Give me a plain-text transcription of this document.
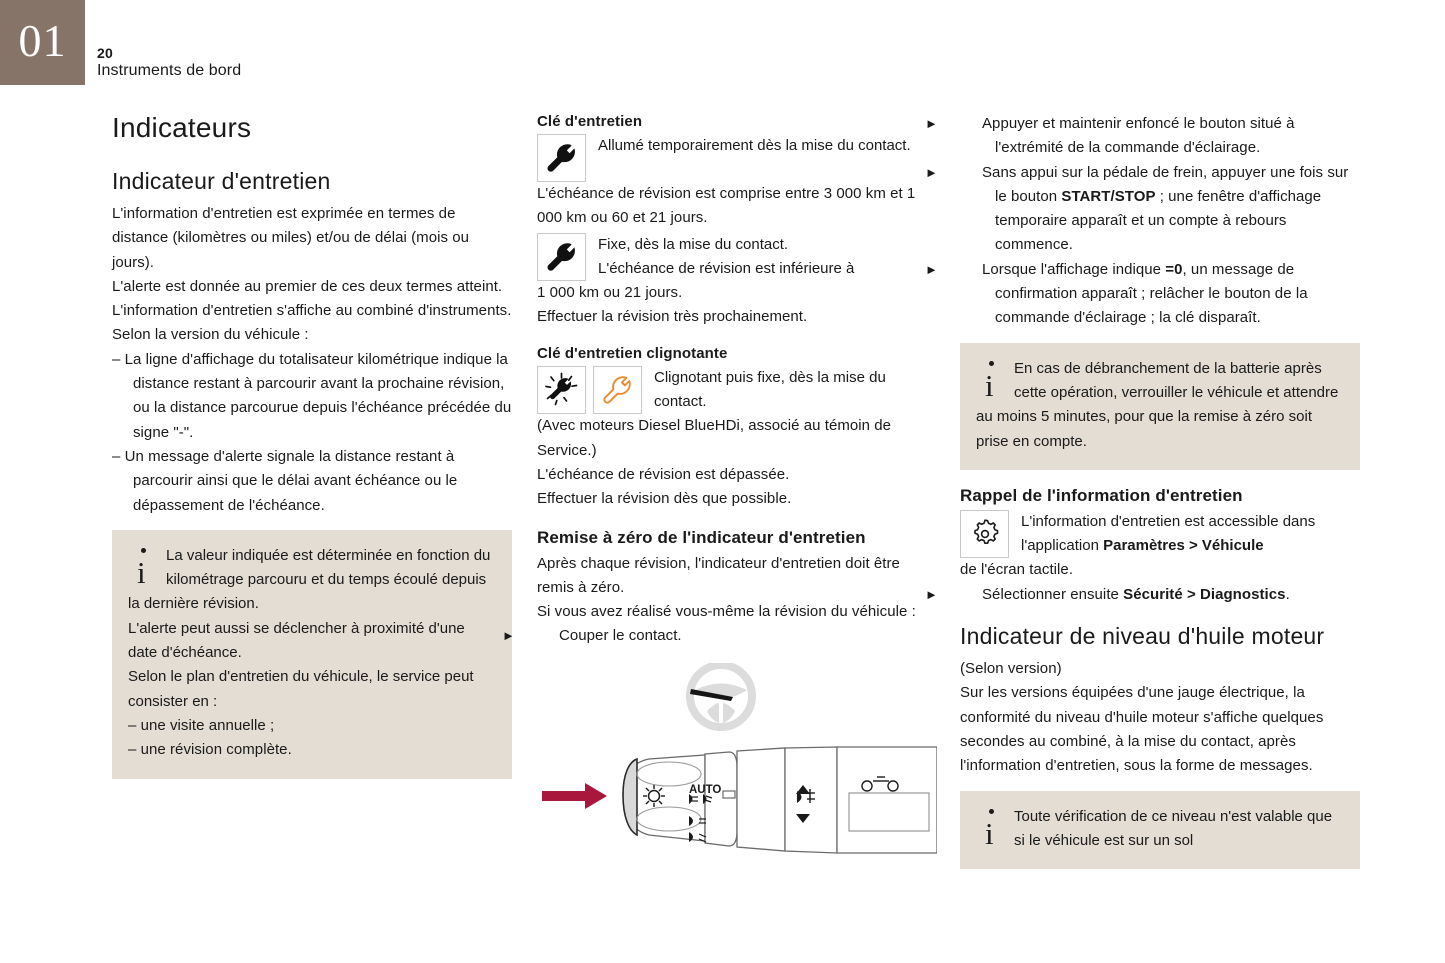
01 20
Instruments de bord
Indicateurs
Indicateur d'entretien

L'information d'entretien est exprimée en termes de distance (kilomètres ou miles) et/ou de délai (mois ou jours).

L'alerte est donnée au premier de ces deux termes atteint.

L'information d'entretien s'affiche au combiné d'instruments. Selon la version du véhicule :

– La ligne d'affichage du totalisateur kilométrique indique la distance restant à parcourir avant la prochaine révision, ou la distance parcourue depuis l'échéance précédée du signe "-".

– Un message d'alerte signale la distance restant à parcourir ainsi que le délai avant échéance ou le dépassement de l'échéance.

i	La valeur indiquée est déterminée en fonction du kilométrage parcouru et du temps écoulé depuis la dernière révision.

L'alerte peut aussi se déclencher à proximité d'une date d'échéance.

Selon le plan d'entretien du véhicule, le service peut consister en :

– une visite annuelle ;

– une révision complète.

Clé d'entretien
Allumé temporairement dès la mise du contact.

L'échéance de révision est comprise entre 3 000 km et 1 000 km ou 60 et 21 jours.

Fixe, dès la mise du contact.
L'échéance de révision est inférieure à

1 000 km ou 21 jours.

Effectuer la révision très prochainement.

Clé d'entretien clignotante
Clignotant puis fixe, dès la mise du contact.

(Avec moteurs Diesel BlueHDi, associé au témoin de Service.)

L'échéance de révision est dépassée.

Effectuer la révision dès que possible.

Remise à zéro de l'indicateur d'entretien

Après chaque révision, l'indicateur d'entretien doit être remis à zéro.

Si vous avez réalisé vous-même la révision du véhicule :

►	Couper le contact.

AUTO

►	Appuyer et maintenir enfoncé le bouton situé à l'extrémité de la commande d'éclairage.

►	Sans appui sur la pédale de frein, appuyer une fois sur le bouton START/STOP ; une fenêtre d'affichage temporaire apparaît et un compte à rebours commence.

►	Lorsque l'affichage indique =0, un message de confirmation apparaît ; relâcher le bouton de la commande d'éclairage ; la clé disparaît.

i	En cas de débranchement de la batterie après cette opération, verrouiller le véhicule et attendre au moins 5 minutes, pour que la remise à zéro soit prise en compte.

Rappel de l'information d'entretien
L'information d'entretien est accessible dans l'application Paramètres > Véhicule

de l'écran tactile.

►	Sélectionner ensuite Sécurité > Diagnostics.

Indicateur de niveau d'huile moteur

(Selon version)

Sur les versions équipées d'une jauge électrique, la conformité du niveau d'huile moteur s'affiche quelques secondes au combiné, à la mise du contact, après l'information d'entretien, sous la forme de messages.

i	Toute vérification de ce niveau n'est valable que si le véhicule est sur un sol
